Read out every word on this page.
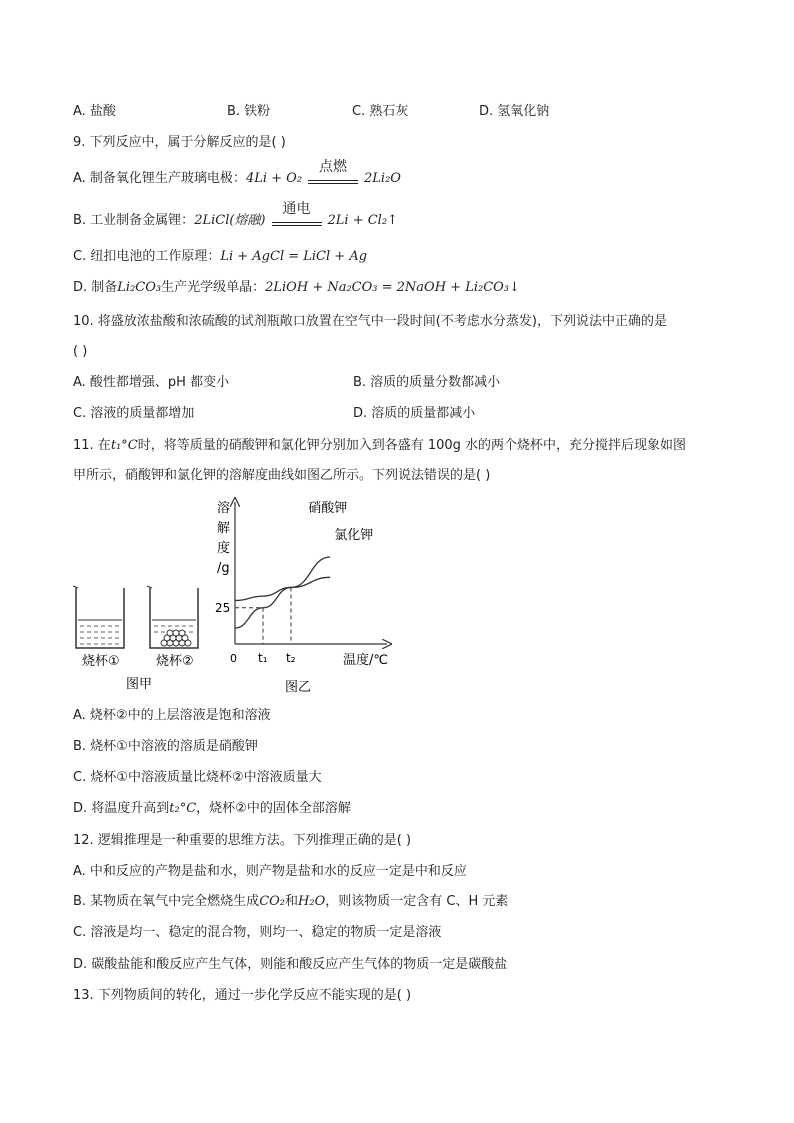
A. 盐酸	B. 铁粉	C. 熟石灰	D. 氢氧化钠
9. 下列反应中，属于分解反应的是( )
A. 制备氧化锂生产玻璃电极：4Li + O₂
点燃
2Li₂O
B. 工业制备金属锂：2LiCl(熔融)
通电
2Li + Cl₂↑
C. 纽扣电池的工作原理：Li + AgCl = LiCl + Ag
D. 制备Li₂CO₃生产光学级单晶：2LiOH + Na₂CO₃ = 2NaOH + Li₂CO₃↓
10. 将盛放浓盐酸和浓硫酸的试剂瓶敞口放置在空气中一段时间(不考虑水分蒸发)，下列说法中正确的是
( )
A. 酸性都增强、pH 都变小	B. 溶质的质量分数都减小
C. 溶液的质量都增加	D. 溶质的质量都减小
11. 在t₁°C时，将等质量的硝酸钾和氯化钾分别加入到各盛有 100g 水的两个烧杯中，充分搅拌后现象如图
甲所示，硝酸钾和氯化钾的溶解度曲线如图乙所示。下列说法错误的是( )
烧杯①	烧杯②
图甲
溶
解
度
/g
温度/℃
0
25
t₁ t₂
硝酸钾
氯化钾
图乙
A. 烧杯②中的上层溶液是饱和溶液
B. 烧杯①中溶液的溶质是硝酸钾
C. 烧杯①中溶液质量比烧杯②中溶液质量大
D. 将温度升高到t₂°C，烧杯②中的固体全部溶解
12. 逻辑推理是一种重要的思维方法。下列推理正确的是( )
A. 中和反应的产物是盐和水，则产物是盐和水的反应一定是中和反应
B. 某物质在氧气中完全燃烧生成CO₂和H₂O，则该物质一定含有 C、H 元素
C. 溶液是均一、稳定的混合物，则均一、稳定的物质一定是溶液
D. 碳酸盐能和酸反应产生气体，则能和酸反应产生气体的物质一定是碳酸盐
13. 下列物质间的转化，通过一步化学反应不能实现的是( )
